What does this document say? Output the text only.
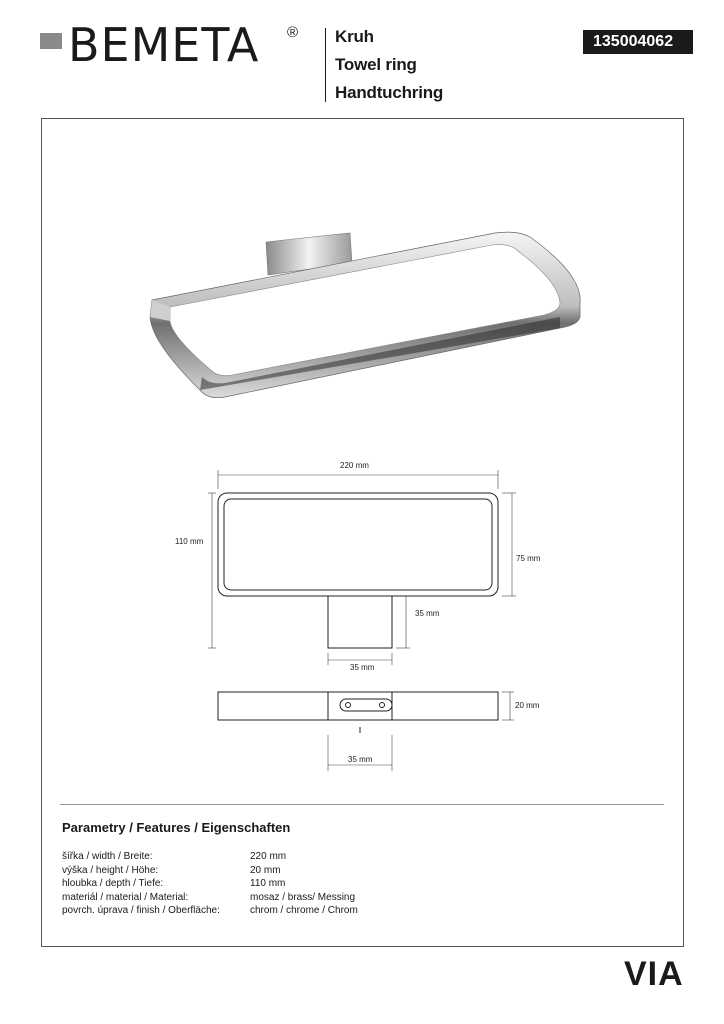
BEMETA ® Kruh
Towel ring
Handtuchring
135004062
220 mm
110 mm
75 mm
35 mm
35 mm
20 mm
35 mm
Parametry / Features / Eigenschaften
šířka / width / Breite:	220 mm
výška / height / Höhe:	20 mm
hloubka / depth / Tiefe:	110 mm
materiál / material / Material:	mosaz / brass/ Messing
povrch. úprava / finish / Oberfläche:	chrom / chrome / Chrom
VIA
